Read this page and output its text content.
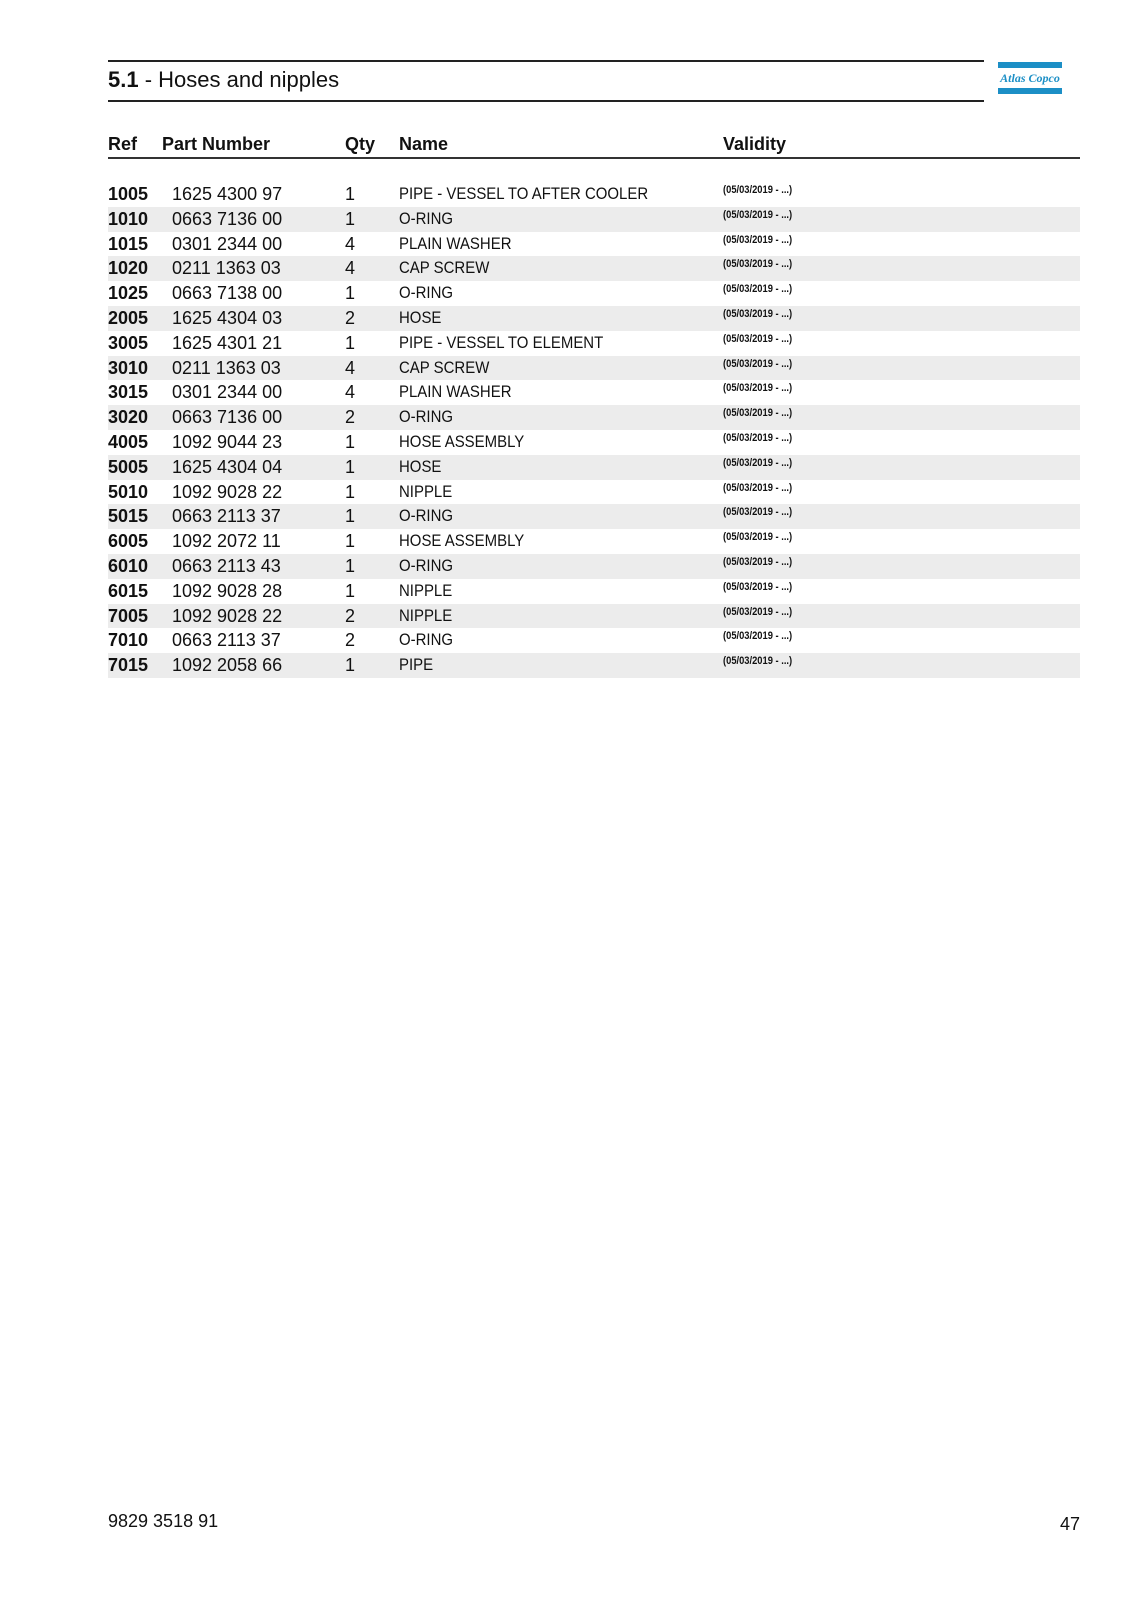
5.1 - Hoses and nipples	Atlas Copco
Ref Part Number	Qty Name	Validity
1005 1625 4300 97	1	PIPE - VESSEL TO AFTER COOLER	(05/03/2019 - ...)
1010 0663 7136 00	1	O-RING	(05/03/2019 - ...)
1015 0301 2344 00	4	PLAIN WASHER	(05/03/2019 - ...)
1020 0211 1363 03	4	CAP SCREW	(05/03/2019 - ...)
1025 0663 7138 00	1	O-RING	(05/03/2019 - ...)
2005 1625 4304 03	2	HOSE	(05/03/2019 - ...)
3005 1625 4301 21	1	PIPE - VESSEL TO ELEMENT	(05/03/2019 - ...)
3010 0211 1363 03	4	CAP SCREW	(05/03/2019 - ...)
3015 0301 2344 00	4	PLAIN WASHER	(05/03/2019 - ...)
3020 0663 7136 00	2	O-RING	(05/03/2019 - ...)
4005 1092 9044 23	1	HOSE ASSEMBLY	(05/03/2019 - ...)
5005 1625 4304 04	1	HOSE	(05/03/2019 - ...)
5010 1092 9028 22	1	NIPPLE	(05/03/2019 - ...)
5015 0663 2113 37	1	O-RING	(05/03/2019 - ...)
6005 1092 2072 11	1	HOSE ASSEMBLY	(05/03/2019 - ...)
6010 0663 2113 43	1	O-RING	(05/03/2019 - ...)
6015 1092 9028 28	1	NIPPLE	(05/03/2019 - ...)
7005 1092 9028 22	2	NIPPLE	(05/03/2019 - ...)
7010 0663 2113 37	2	O-RING	(05/03/2019 - ...)
7015 1092 2058 66	1	PIPE	(05/03/2019 - ...)
9829 3518 91	47
